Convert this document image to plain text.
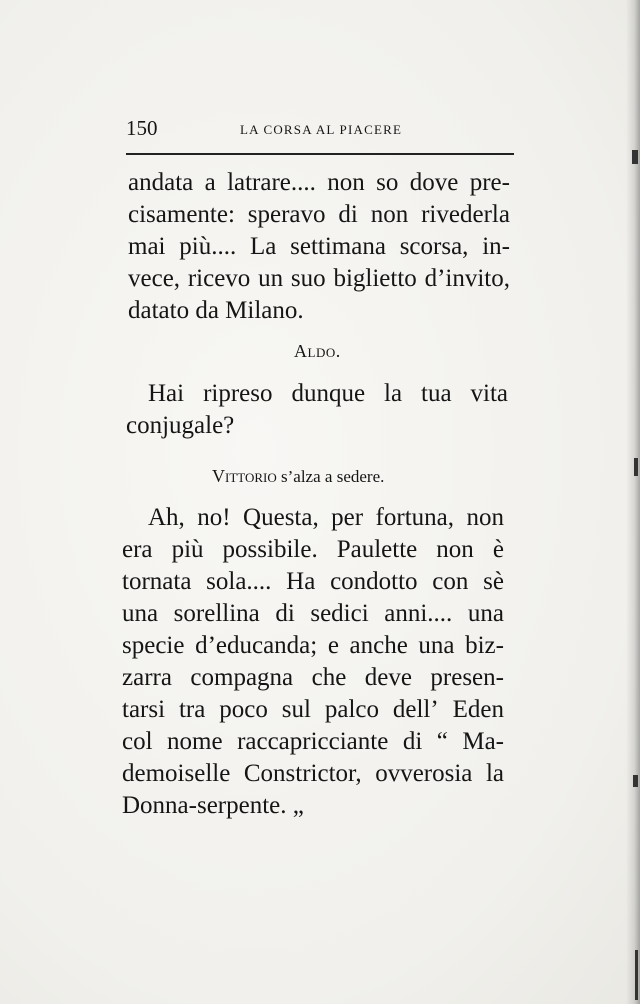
150	LA CORSA AL PIACERE
andata a latrare.... non so dove pre-
cisamente: speravo di non rivederla
mai più.... La settimana scorsa, in-
vece, ricevo un suo biglietto d’invito,
datato da Milano.
Aldo.
Hai ripreso dunque la tua vita
conjugale?
Vittorio s’alza a sedere.
Ah, no! Questa, per fortuna, non
era più possibile. Paulette non è
tornata sola.... Ha condotto con sè
una sorellina di sedici anni.... una
specie d’educanda; e anche una biz-
zarra compagna che deve presen-
tarsi tra poco sul palco dell’ Eden
col nome raccapricciante di “ Ma-
demoiselle Constrictor, ovverosia la
Donna-serpente. „
